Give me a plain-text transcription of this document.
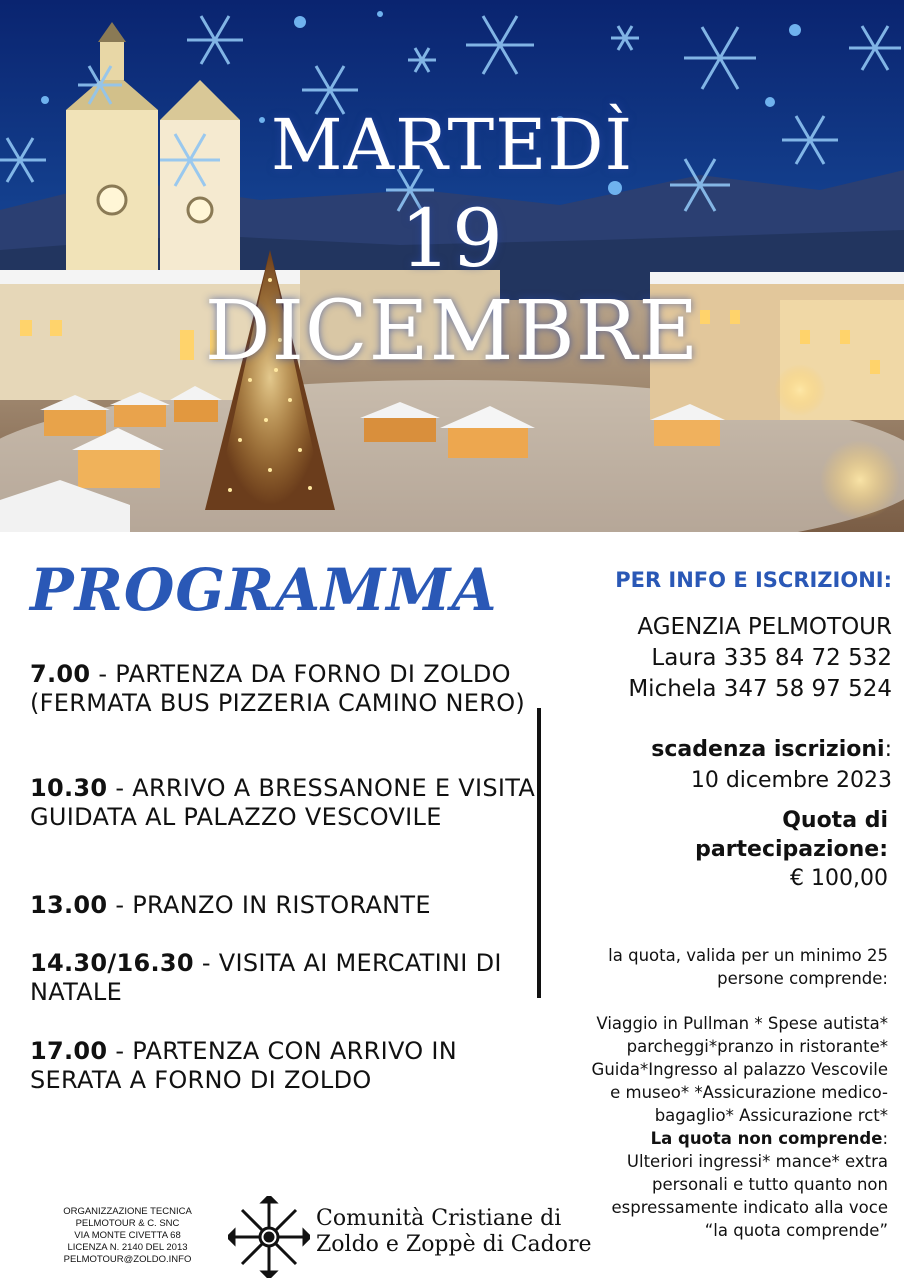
MARTEDÌ
19
DICEMBRE
PROGRAMMA
7.00 - PARTENZA DA FORNO DI ZOLDO (FERMATA BUS PIZZERIA CAMINO NERO)
10.30 - ARRIVO A BRESSANONE E VISITA GUIDATA AL PALAZZO VESCOVILE
13.00 - PRANZO IN RISTORANTE
14.30/16.30 - VISITA AI MERCATINI DI NATALE
17.00 - PARTENZA CON ARRIVO IN SERATA A FORNO DI ZOLDO
PER INFO E ISCRIZIONI:
AGENZIA PELMOTOUR
Laura 335 84 72 532
Michela 347 58 97 524
scadenza iscrizioni:
10 dicembre 2023
Quota di
partecipazione:
€ 100,00
la quota, valida per un minimo 25 persone comprende:
Viaggio in Pullman * Spese autista* parcheggi*pranzo in ristorante* Guida*Ingresso al palazzo Vescovile e museo* *Assicurazione medico-bagaglio* Assicurazione rct*
La quota non comprende:
Ulteriori ingressi* mance* extra personali e tutto quanto non espressamente indicato alla voce “la quota comprende”
ORGANIZZAZIONE TECNICA
PELMOTOUR & C. SNC
VIA MONTE CIVETTA 68
LICENZA N. 2140 DEL 2013
PELMOTOUR@ZOLDO.INFO
Comunità Cristiane di
Zoldo e Zoppè di Cadore
